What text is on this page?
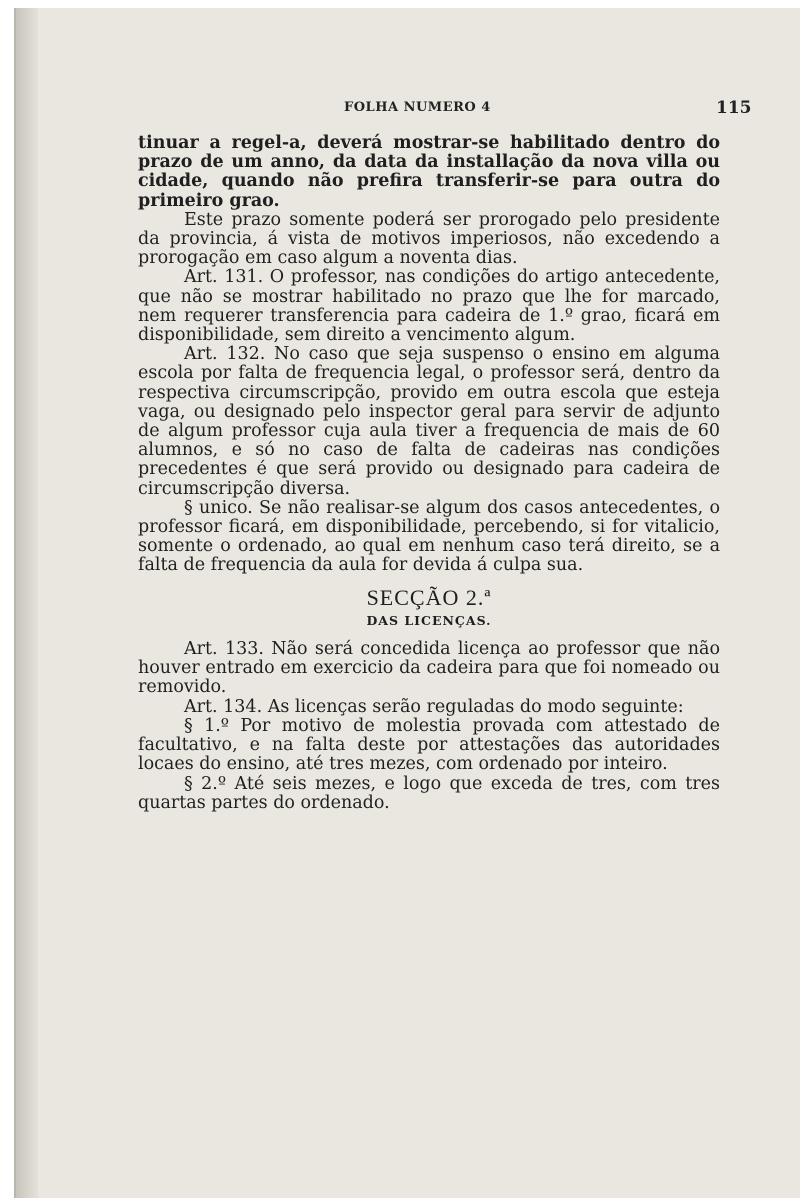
FOLHA NUMERO 4	115

tinuar a regel-a, deverá mostrar-se habilitado dentro do prazo de um anno, da data da installação da nova villa ou cidade, quando não prefira transferir-se para outra do primeiro grao.

Este prazo somente poderá ser prorogado pelo presidente da provincia, á vista de motivos imperiosos, não excedendo a prorogação em caso algum a noventa dias.

Art. 131. O professor, nas condições do artigo antecedente, que não se mostrar habilitado no prazo que lhe for marcado, nem requerer transferencia para cadeira de 1.º grao, ficará em disponibilidade, sem direito a vencimento algum.

Art. 132. No caso que seja suspenso o ensino em alguma escola por falta de frequencia legal, o professor será, dentro da respectiva circumscripção, provido em outra escola que esteja vaga, ou designado pelo inspector geral para servir de adjunto de algum professor cuja aula tiver a frequencia de mais de 60 alumnos, e só no caso de falta de cadeiras nas condições precedentes é que será provido ou designado para cadeira de circumscripção diversa.

§ unico. Se não realisar-se algum dos casos antecedentes, o professor ficará, em disponibilidade, percebendo, si for vitalicio, somente o ordenado, ao qual em nenhum caso terá direito, se a falta de frequencia da aula for devida á culpa sua.

SECÇÃO 2.ª
DAS LICENÇAS.

Art. 133. Não será concedida licença ao professor que não houver entrado em exercicio da cadeira para que foi nomeado ou removido.

Art. 134. As licenças serão reguladas do modo seguinte:

§ 1.º Por motivo de molestia provada com attestado de facultativo, e na falta deste por attestações das autoridades locaes do ensino, até tres mezes, com ordenado por inteiro.

§ 2.º Até seis mezes, e logo que exceda de tres, com tres quartas partes do ordenado.
